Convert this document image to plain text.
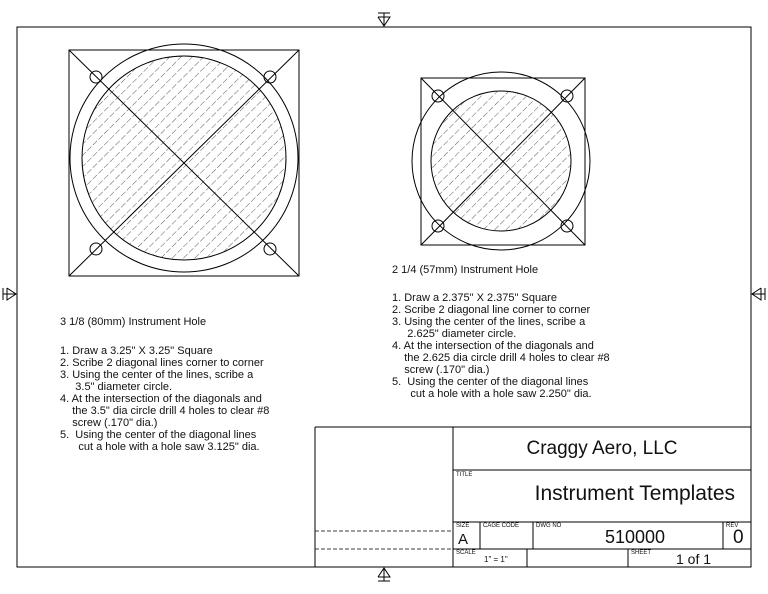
3 1/8 (80mm) Instrument Hole
1. Draw a 3.25" X 3.25" Square
2. Scribe 2 diagonal lines corner to corner
3. Using the center of the lines, scribe a
3.5" diameter circle.
4. At the intersection of the diagonals and
the 3.5" dia circle drill 4 holes to clear #8
screw (.170" dia.)
5.  Using the center of the diagonal lines
cut a hole with a hole saw 3.125" dia.
2 1/4 (57mm) Instrument Hole
1. Draw a 2.375" X 2.375" Square
2. Scribe 2 diagonal line corner to corner
3. Using the center of the lines, scribe a
2.625" diameter circle.
4. At the intersection of the diagonals and
the 2.625 dia circle drill 4 holes to clear #8
screw (.170" dia.)
5.  Using the center of the diagonal lines
cut a hole with a hole saw 2.250" dia.
Craggy Aero, LLC
TITLE
Instrument Templates
SIZE
A
CAGE CODE	DWG NO
510000
REV
0
SCALE
1" = 1"
SHEET 1 of 1
